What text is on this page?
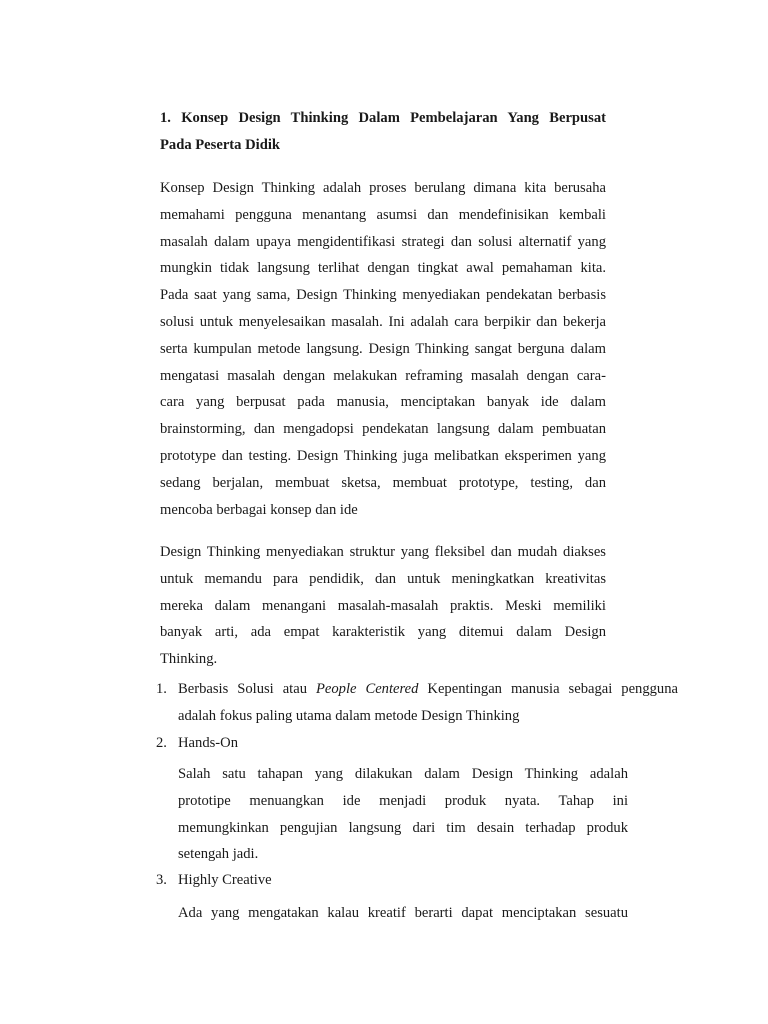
1. Konsep Design Thinking Dalam Pembelajaran Yang Berpusat
Pada Peserta Didik
Konsep Design Thinking adalah proses berulang dimana kita berusaha
memahami pengguna menantang asumsi dan mendefinisikan kembali
masalah dalam upaya mengidentifikasi strategi dan solusi alternatif yang
mungkin tidak langsung terlihat dengan tingkat awal pemahaman kita.
Pada saat yang sama, Design Thinking menyediakan pendekatan berbasis
solusi untuk menyelesaikan masalah. Ini adalah cara berpikir dan bekerja
serta kumpulan metode langsung. Design Thinking sangat berguna dalam
mengatasi masalah dengan melakukan reframing masalah dengan cara-
cara yang berpusat pada manusia, menciptakan banyak ide dalam
brainstorming, dan mengadopsi pendekatan langsung dalam pembuatan
prototype dan testing. Design Thinking juga melibatkan eksperimen yang
sedang berjalan, membuat sketsa, membuat prototype, testing, dan
mencoba berbagai konsep dan ide
Design Thinking menyediakan struktur yang fleksibel dan mudah diakses
untuk memandu para pendidik, dan untuk meningkatkan kreativitas
mereka dalam menangani masalah-masalah praktis. Meski memiliki
banyak arti, ada empat karakteristik yang ditemui dalam Design
Thinking.
1. Berbasis Solusi atau People Centered Kepentingan manusia sebagai pengguna
adalah fokus paling utama dalam metode Design Thinking
2. Hands-On
Salah satu tahapan yang dilakukan dalam Design Thinking adalah
prototipe menuangkan ide menjadi produk nyata. Tahap ini
memungkinkan pengujian langsung dari tim desain terhadap produk
setengah jadi.
3. Highly Creative
Ada yang mengatakan kalau kreatif berarti dapat menciptakan sesuatu
